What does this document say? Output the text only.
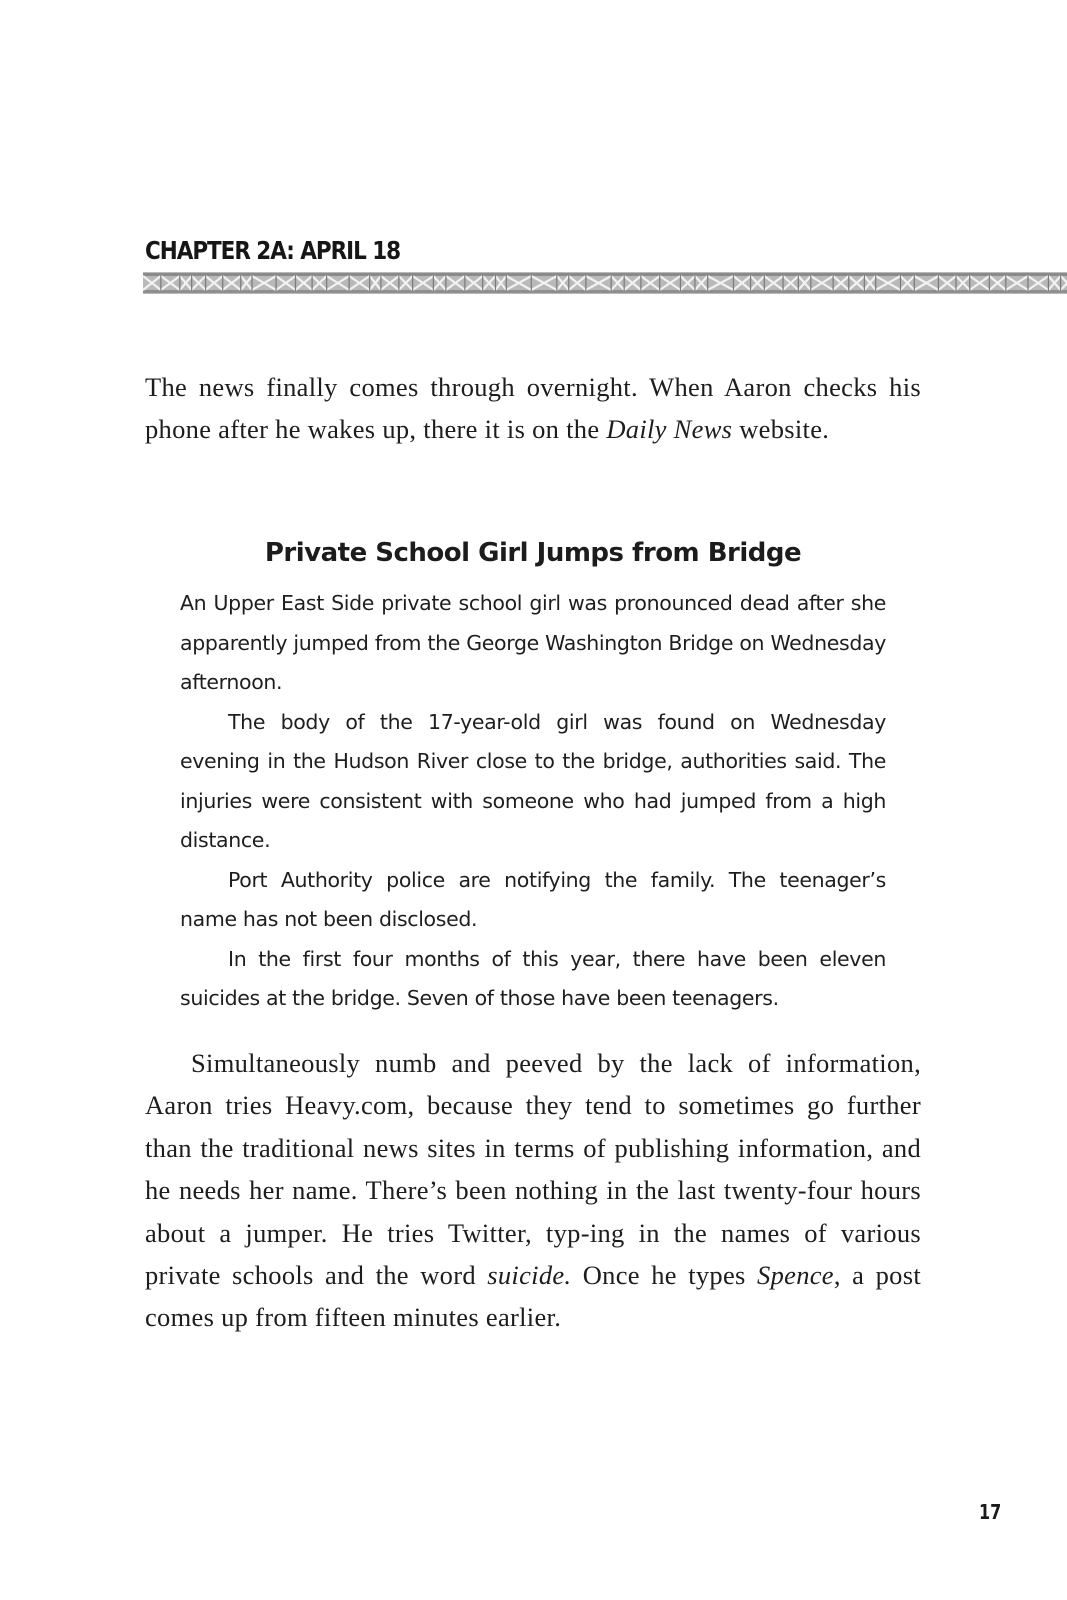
CHAPTER 2A: APRIL 18

The news finally comes through overnight. When Aaron checks his phone after he wakes up, there it is on the Daily News website.

Private School Girl Jumps from Bridge

An Upper East Side private school girl was pronounced dead after she apparently jumped from the George Washington Bridge on Wednesday afternoon.

The body of the 17-year-old girl was found on Wednesday evening in the Hudson River close to the bridge, authorities said. The injuries were consistent with someone who had jumped from a high distance.

Port Authority police are notifying the family. The teenager’s name has not been disclosed.

In the first four months of this year, there have been eleven suicides at the bridge. Seven of those have been teenagers.

Simultaneously numb and peeved by the lack of information, Aaron tries Heavy.com, because they tend to sometimes go further than the traditional news sites in terms of publishing information, and he needs her name. There’s been nothing in the last twenty-four hours about a jumper. He tries Twitter, typ-ing in the names of various private schools and the word suicide. Once he types Spence, a post comes up from fifteen minutes earlier.

17
